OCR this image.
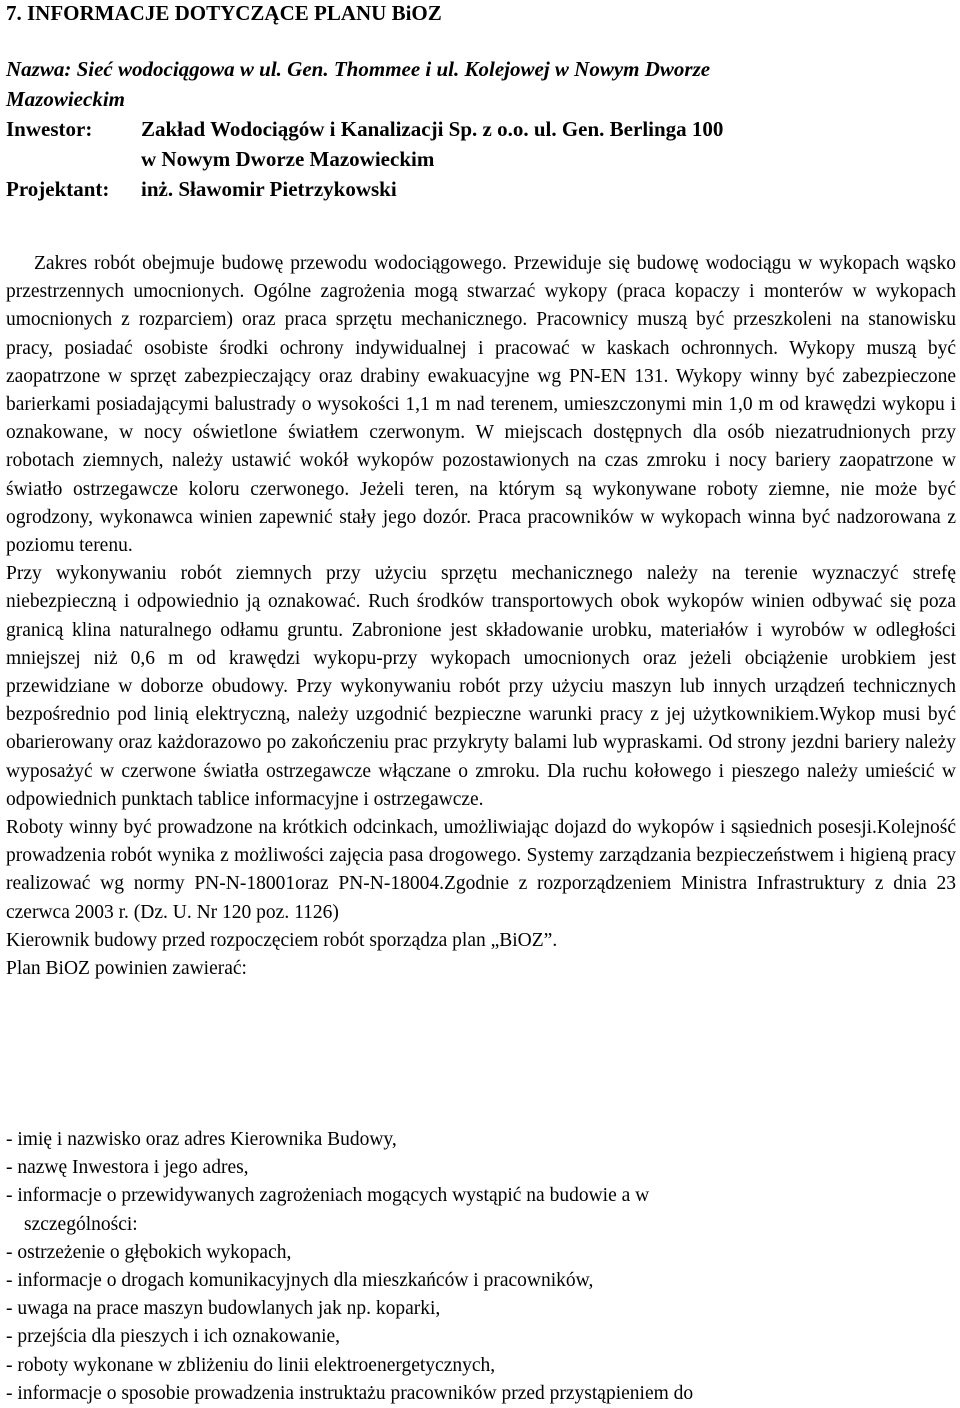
7. INFORMACJE DOTYCZĄCE PLANU BiOZ
Nazwa: Sieć wodociągowa w ul. Gen. Thommee i ul. Kolejowej w Nowym Dworze
Mazowieckim
Inwestor: Zakład Wodociągów i Kanalizacji Sp. z o.o. ul. Gen. Berlinga 100
w Nowym Dworze Mazowieckim
Projektant: inż. Sławomir Pietrzykowski

Zakres robót obejmuje budowę przewodu wodociągowego. Przewiduje się budowę wodociągu w wykopach wąsko przestrzennych umocnionych. Ogólne zagrożenia mogą stwarzać wykopy (praca kopaczy i monterów w wykopach umocnionych z rozparciem) oraz praca sprzętu mechanicznego. Pracownicy muszą być przeszkoleni na stanowisku pracy, posiadać osobiste środki ochrony indywidualnej i pracować w kaskach ochronnych. Wykopy muszą być zaopatrzone w sprzęt zabezpieczający oraz drabiny ewakuacyjne wg PN-EN 131. Wykopy winny być zabezpieczone barierkami posiadającymi balustrady o wysokości 1,1 m nad terenem, umieszczonymi min 1,0 m od krawędzi wykopu i oznakowane, w nocy oświetlone światłem czerwonym. W miejscach dostępnych dla osób niezatrudnionych przy robotach ziemnych, należy ustawić wokół wykopów pozostawionych na czas zmroku i nocy bariery zaopatrzone w światło ostrzegawcze koloru czerwonego. Jeżeli teren, na którym są wykonywane roboty ziemne, nie może być ogrodzony, wykonawca winien zapewnić stały jego dozór. Praca pracowników w wykopach winna być nadzorowana z poziomu terenu.

Przy wykonywaniu robót ziemnych przy użyciu sprzętu mechanicznego należy na terenie wyznaczyć strefę niebezpieczną i odpowiednio ją oznakować. Ruch środków transportowych obok wykopów winien odbywać się poza granicą klina naturalnego odłamu gruntu. Zabronione jest składowanie urobku, materiałów i wyrobów w odległości mniejszej niż 0,6 m od krawędzi wykopu-przy wykopach umocnionych oraz jeżeli obciążenie urobkiem jest przewidziane w doborze obudowy. Przy wykonywaniu robót przy użyciu maszyn lub innych urządzeń technicznych bezpośrednio pod linią elektryczną, należy uzgodnić bezpieczne warunki pracy z jej użytkownikiem.Wykop musi być obarierowany oraz każdorazowo po zakończeniu prac przykryty balami lub wypraskami. Od strony jezdni bariery należy wyposażyć w czerwone światła ostrzegawcze włączane o zmroku. Dla ruchu kołowego i pieszego należy umieścić w odpowiednich punktach tablice informacyjne i ostrzegawcze.

Roboty winny być prowadzone na krótkich odcinkach, umożliwiając dojazd do wykopów i sąsiednich posesji.Kolejność prowadzenia robót wynika z możliwości zajęcia pasa drogowego. Systemy zarządzania bezpieczeństwem i higieną pracy realizować wg normy PN-N-18001oraz PN-N-18004.Zgodnie z rozporządzeniem Ministra Infrastruktury z dnia 23 czerwca 2003 r. (Dz. U. Nr 120 poz. 1126)

Kierownik budowy przed rozpoczęciem robót sporządza plan „BiOZ”.

Plan BiOZ powinien zawierać:

- imię i nazwisko oraz adres Kierownika Budowy,
- nazwę Inwestora i jego adres,
- informacje o przewidywanych zagrożeniach mogących wystąpić na budowie a w
szczególności:
- ostrzeżenie o głębokich wykopach,
- informacje o drogach komunikacyjnych dla mieszkańców i pracowników,
- uwaga na prace maszyn budowlanych jak np. koparki,
- przejścia dla pieszych i ich oznakowanie,
- roboty wykonane w zbliżeniu do linii elektroenergetycznych,
- informacje o sposobie prowadzenia instruktażu pracowników przed przystąpieniem do
